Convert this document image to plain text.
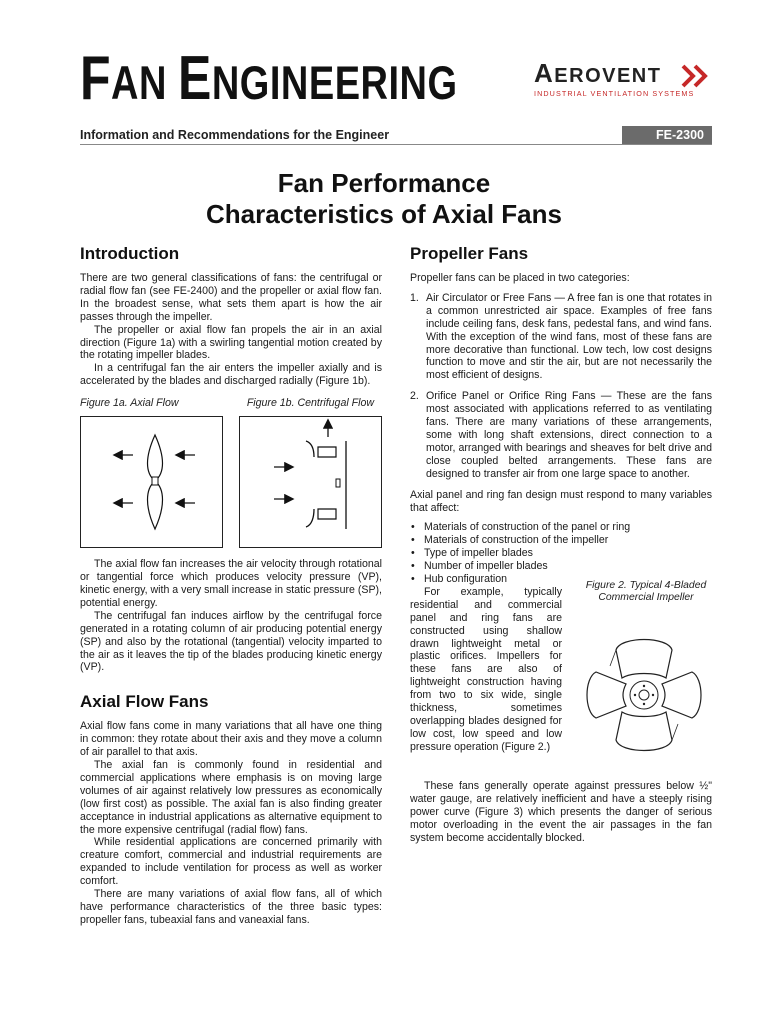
FAN ENGINEERING	AEROVENT
INDUSTRIAL VENTILATION SYSTEMS
Information and Recommendations for the Engineer	FE-2300
Fan Performance
Characteristics of Axial Fans
Introduction

There are two general classifications of fans: the centrifugal or radial flow fan (see FE-2400) and the propeller or axial flow fan. In the broadest sense, what sets them apart is how the air passes through the impeller.

The propeller or axial flow fan propels the air in an axial direction (Figure 1a) with a swirling tangential motion created by the rotating impeller blades.

In a centrifugal fan the air enters the impeller axially and is accelerated by the blades and discharged radially (Figure 1b).

Figure 1a. Axial Flow	Figure 1b. Centrifugal Flow

The axial flow fan increases the air velocity through rotational or tangential force which produces velocity pressure (VP), kinetic energy, with a very small increase in static pressure (SP), potential energy.

The centrifugal fan induces airflow by the centrifugal force generated in a rotating column of air producing potential energy (SP) and also by the rotational (tangential) velocity imparted to the air as it leaves the tip of the blades producing kinetic energy (VP).

Axial Flow Fans

Axial flow fans come in many variations that all have one thing in common: they rotate about their axis and they move a column of air parallel to that axis.

The axial fan is commonly found in residential and commercial applications where emphasis is on moving large volumes of air against relatively low pressures as economically (low first cost) as possible. The axial fan is also finding greater acceptance in industrial applications as alternative equipment to the more expensive centrifugal (radial flow) fans.

While residential applications are concerned primarily with creature comfort, commercial and industrial requirements are expanded to include ventilation for process as well as worker comfort.

There are many variations of axial flow fans, all of which have performance characteristics of the three basic types: propeller fans, tubeaxial fans and vaneaxial fans.

Propeller Fans

Propeller fans can be placed in two categories:

1. Air Circulator or Free Fans — A free fan is one that rotates in a common unrestricted air space. Examples of free fans include ceiling fans, desk fans, pedestal fans, and wind fans. With the exception of the wind fans, most of these fans are more decorative than functional. Low tech, low cost designs function to move and stir the air, but are not necessarily the most efficient of designs.
2. Orifice Panel or Orifice Ring Fans — These are the fans most associated with applications referred to as ventilating fans. There are many variations of these arrangements, some with long shaft extensions, direct connection to a motor, arranged with bearings and sheaves for belt drive and close coupled belted arrangements. These fans are designed to transfer air from one large space to another.

Axial panel and ring fan design must respond to many variables that affect:

• Materials of construction of the panel or ring
• Materials of construction of the impeller
• Type of impeller blades
• Number of impeller blades
• Hub configuration

For example, typically residential and commercial panel and ring fans are constructed using shallow drawn lightweight metal or plastic orifices. Impellers for these fans are also of lightweight construction having from two to six wide, single thickness, sometimes overlapping blades designed for low cost, low speed and low pressure operation (Figure 2.)

Figure 2. Typical 4-Bladed Commercial Impeller

These fans generally operate against pressures below ½" water gauge, are relatively inefficient and have a steeply rising power curve (Figure 3) which presents the danger of serious motor overloading in the event the air passages in the fan system become accidentally blocked.
